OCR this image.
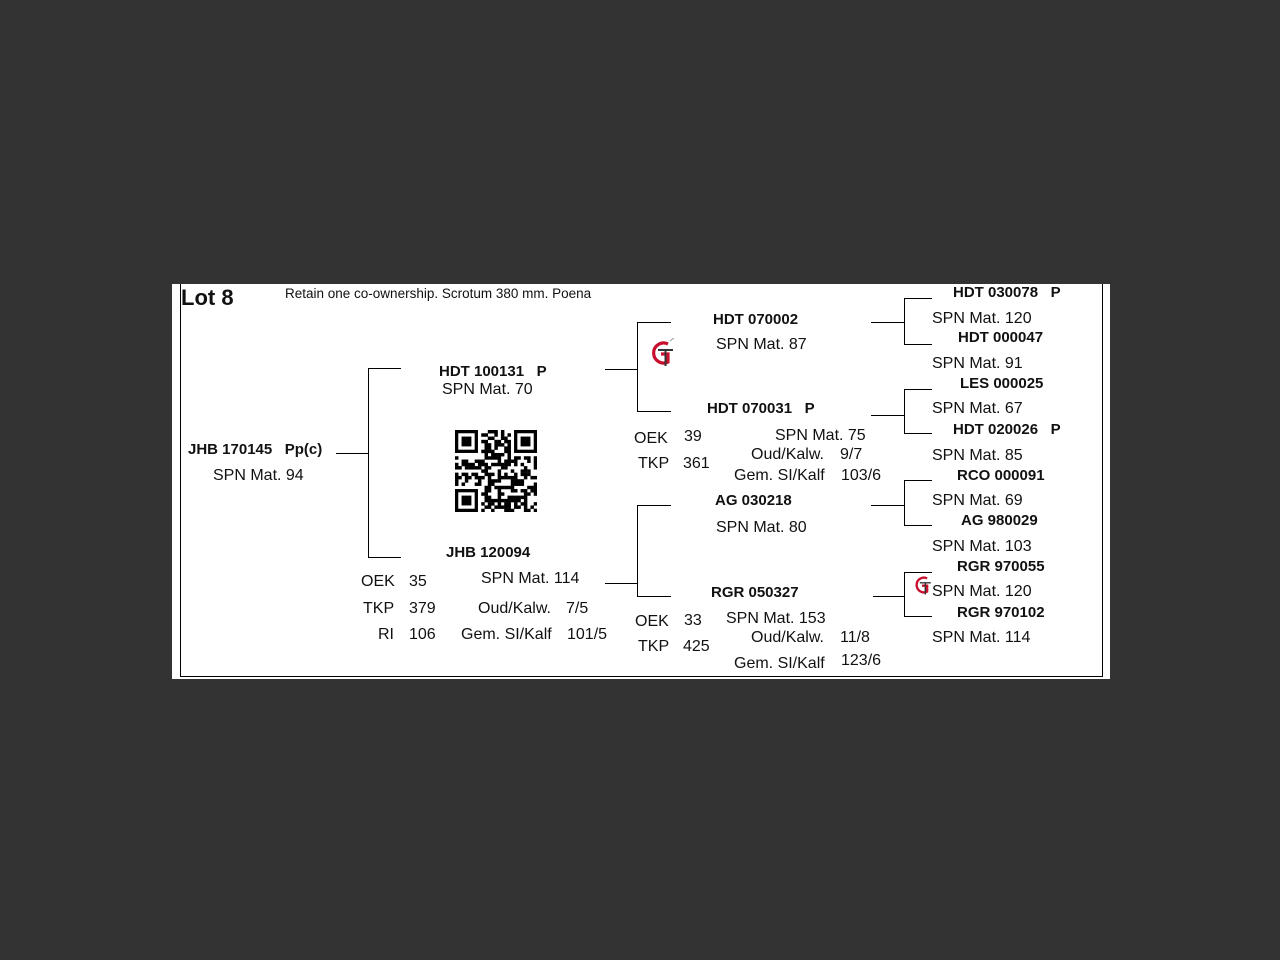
Lot 8	Retain one co-ownership. Scrotum 380 mm. Poena
JHB 170145 Pp(c)
SPN Mat. 94
HDT 100131 P
SPN Mat. 70
JHB 120094
SPN Mat. 114
OEK 35
TKP 379
RI 106
Oud/Kalw. 7/5
Gem. SI/Kalf 101/5
HDT 070002
SPN Mat. 87
HDT 070031 P
SPN Mat. 75
OEK 39
TKP 361
Oud/Kalw. 9/7
Gem. SI/Kalf 103/6
AG 030218
SPN Mat. 80
RGR 050327
SPN Mat. 153
OEK 33
TKP 425
Oud/Kalw. 11/8
Gem. SI/Kalf 123/6
HDT 030078 P
SPN Mat. 120
HDT 000047
SPN Mat. 91
LES 000025
SPN Mat. 67
HDT 020026 P
SPN Mat. 85
RCO 000091
SPN Mat. 69
AG 980029
SPN Mat. 103
RGR 970055
SPN Mat. 120
RGR 970102
SPN Mat. 114
